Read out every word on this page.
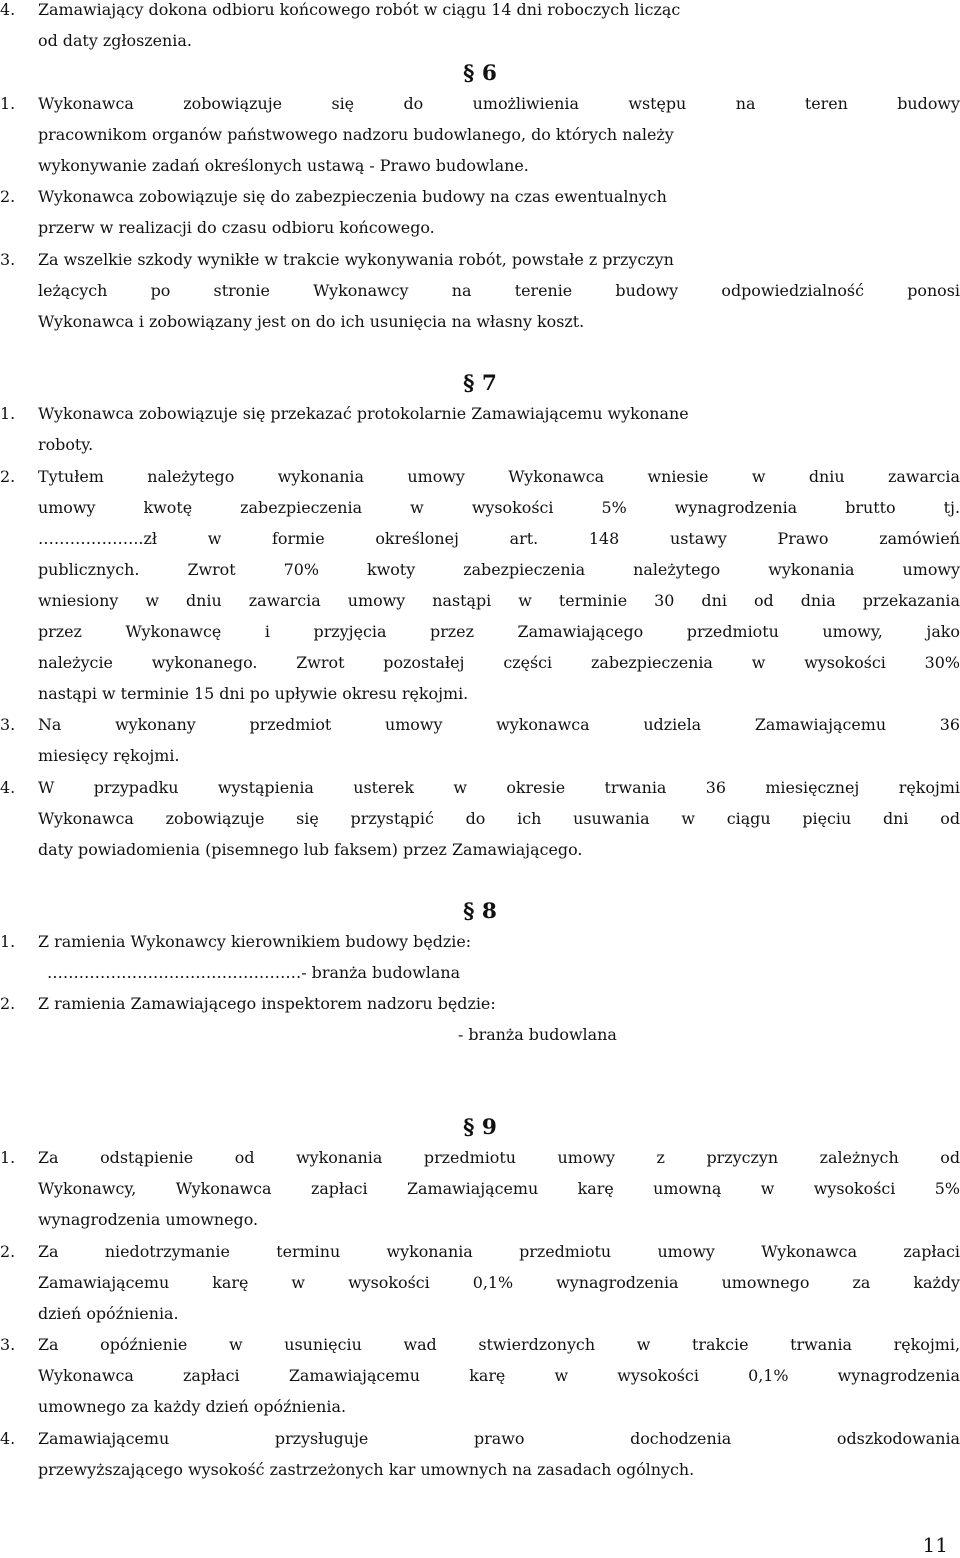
4. Zamawiający dokona odbioru końcowego robót w ciągu 14 dni roboczych licząc
od daty zgłoszenia.
§ 6
1. Wykonawca zobowiązuje się do umożliwienia wstępu na teren budowy
pracownikom organów państwowego nadzoru budowlanego, do których należy
wykonywanie zadań określonych ustawą - Prawo budowlane.
2. Wykonawca zobowiązuje się do zabezpieczenia budowy na czas ewentualnych
przerw w realizacji do czasu odbioru końcowego.
3. Za wszelkie szkody wynikłe w trakcie wykonywania robót, powstałe z przyczyn
leżących po stronie Wykonawcy na terenie budowy odpowiedzialność ponosi
Wykonawca i zobowiązany jest on do ich usunięcia na własny koszt.
§ 7
1. Wykonawca zobowiązuje się przekazać protokolarnie Zamawiającemu wykonane
roboty.
2. Tytułem należytego wykonania umowy Wykonawca wniesie w dniu zawarcia
umowy kwotę zabezpieczenia w wysokości 5% wynagrodzenia brutto tj.
………………..zł w formie określonej art. 148 ustawy Prawo zamówień
publicznych. Zwrot 70% kwoty zabezpieczenia należytego wykonania umowy
wniesiony w dniu zawarcia umowy nastąpi w terminie 30 dni od dnia przekazania
przez Wykonawcę i przyjęcia przez Zamawiającego przedmiotu umowy, jako
należycie wykonanego. Zwrot pozostałej części zabezpieczenia w wysokości 30%
nastąpi w terminie 15 dni po upływie okresu rękojmi.
3. Na wykonany przedmiot umowy wykonawca udziela Zamawiającemu 36
miesięcy rękojmi.
4. W przypadku wystąpienia usterek w okresie trwania 36 miesięcznej rękojmi
Wykonawca zobowiązuje się przystąpić do ich usuwania w ciągu pięciu dni od
daty powiadomienia (pisemnego lub faksem) przez Zamawiającego.
§ 8
1. Z ramienia Wykonawcy kierownikiem budowy będzie:
…………………………………………- branża budowlana
2. Z ramienia Zamawiającego inspektorem nadzoru będzie:
- branża budowlana
§ 9
1. Za odstąpienie od wykonania przedmiotu umowy z przyczyn zależnych od
Wykonawcy, Wykonawca zapłaci Zamawiającemu karę umowną w wysokości 5%
wynagrodzenia umownego.
2. Za niedotrzymanie terminu wykonania przedmiotu umowy Wykonawca zapłaci
Zamawiającemu karę w wysokości 0,1% wynagrodzenia umownego za każdy
dzień opóźnienia.
3. Za opóźnienie w usunięciu wad stwierdzonych w trakcie trwania rękojmi,
Wykonawca zapłaci Zamawiającemu karę w wysokości 0,1% wynagrodzenia
umownego za każdy dzień opóźnienia.
4. Zamawiającemu przysługuje prawo dochodzenia odszkodowania
przewyższającego wysokość zastrzeżonych kar umownych na zasadach ogólnych.
11
